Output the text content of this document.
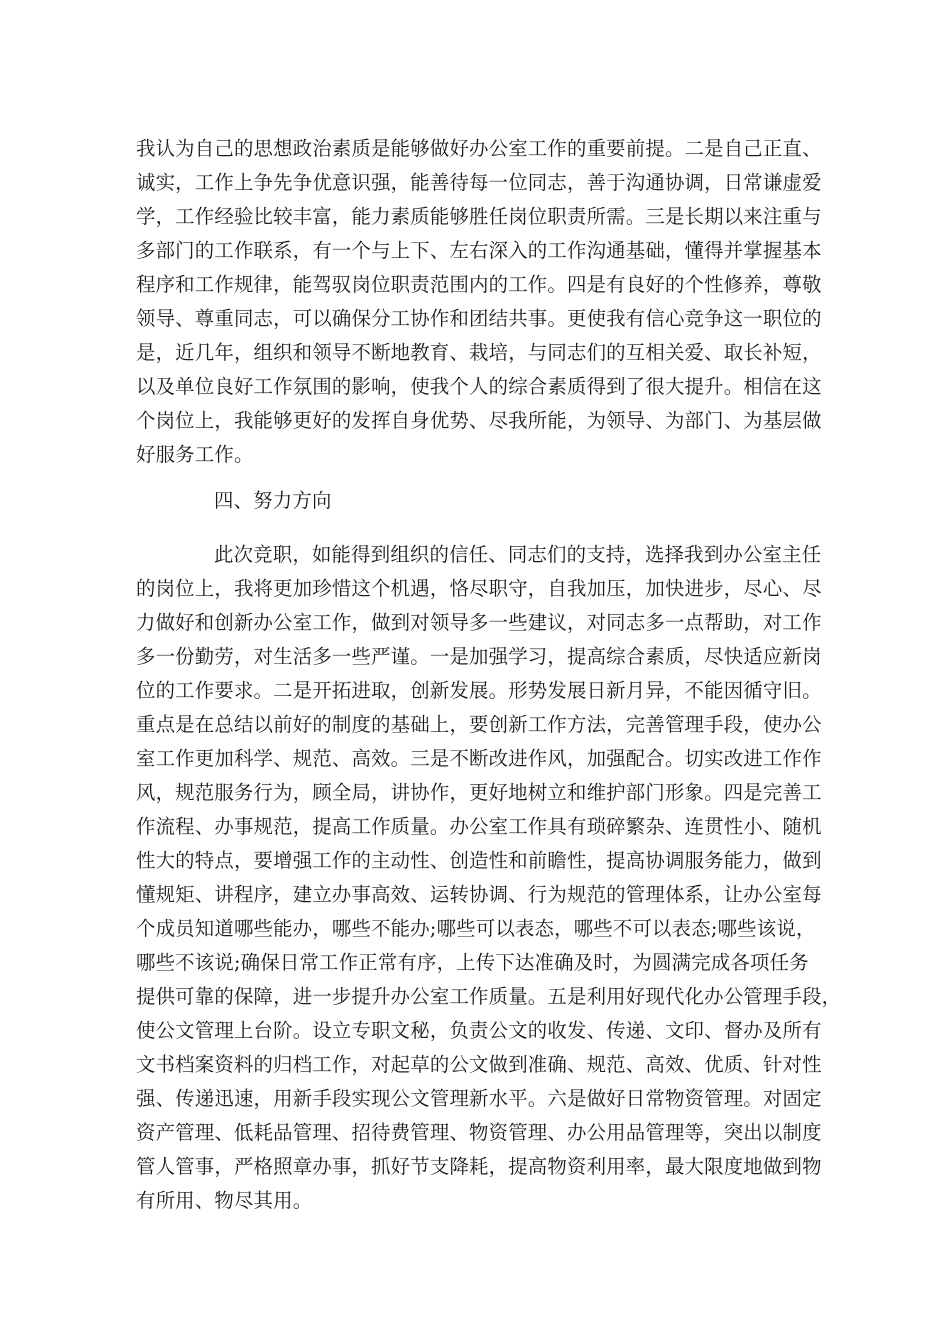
我认为自己的思想政治素质是能够做好办公室工作的重要前提。二是自己正直、
诚实，工作上争先争优意识强，能善待每一位同志，善于沟通协调，日常谦虚爱
学，工作经验比较丰富，能力素质能够胜任岗位职责所需。三是长期以来注重与
多部门的工作联系，有一个与上下、左右深入的工作沟通基础，懂得并掌握基本
程序和工作规律，能驾驭岗位职责范围内的工作。四是有良好的个性修养，尊敬
领导、尊重同志，可以确保分工协作和团结共事。更使我有信心竞争这一职位的
是，近几年，组织和领导不断地教育、栽培，与同志们的互相关爱、取长补短，
以及单位良好工作氛围的影响，使我个人的综合素质得到了很大提升。相信在这
个岗位上，我能够更好的发挥自身优势、尽我所能，为领导、为部门、为基层做
好服务工作。
四、努力方向
此次竞职，如能得到组织的信任、同志们的支持，选择我到办公室主任
的岗位上，我将更加珍惜这个机遇，恪尽职守，自我加压，加快进步，尽心、尽
力做好和创新办公室工作，做到对领导多一些建议，对同志多一点帮助，对工作
多一份勤劳，对生活多一些严谨。一是加强学习，提高综合素质，尽快适应新岗
位的工作要求。二是开拓进取，创新发展。形势发展日新月异，不能因循守旧。
重点是在总结以前好的制度的基础上，要创新工作方法，完善管理手段，使办公
室工作更加科学、规范、高效。三是不断改进作风，加强配合。切实改进工作作
风，规范服务行为，顾全局，讲协作，更好地树立和维护部门形象。四是完善工
作流程、办事规范，提高工作质量。办公室工作具有琐碎繁杂、连贯性小、随机
性大的特点，要增强工作的主动性、创造性和前瞻性，提高协调服务能力，做到
懂规矩、讲程序，建立办事高效、运转协调、行为规范的管理体系，让办公室每
个成员知道哪些能办，哪些不能办;哪些可以表态，哪些不可以表态;哪些该说，
哪些不该说;确保日常工作正常有序，上传下达准确及时，为圆满完成各项任务
提供可靠的保障，进一步提升办公室工作质量。五是利用好现代化办公管理手段，
使公文管理上台阶。设立专职文秘，负责公文的收发、传递、文印、督办及所有
文书档案资料的归档工作，对起草的公文做到准确、规范、高效、优质、针对性
强、传递迅速，用新手段实现公文管理新水平。六是做好日常物资管理。对固定
资产管理、低耗品管理、招待费管理、物资管理、办公用品管理等，突出以制度
管人管事，严格照章办事，抓好节支降耗，提高物资利用率，最大限度地做到物
有所用、物尽其用。
